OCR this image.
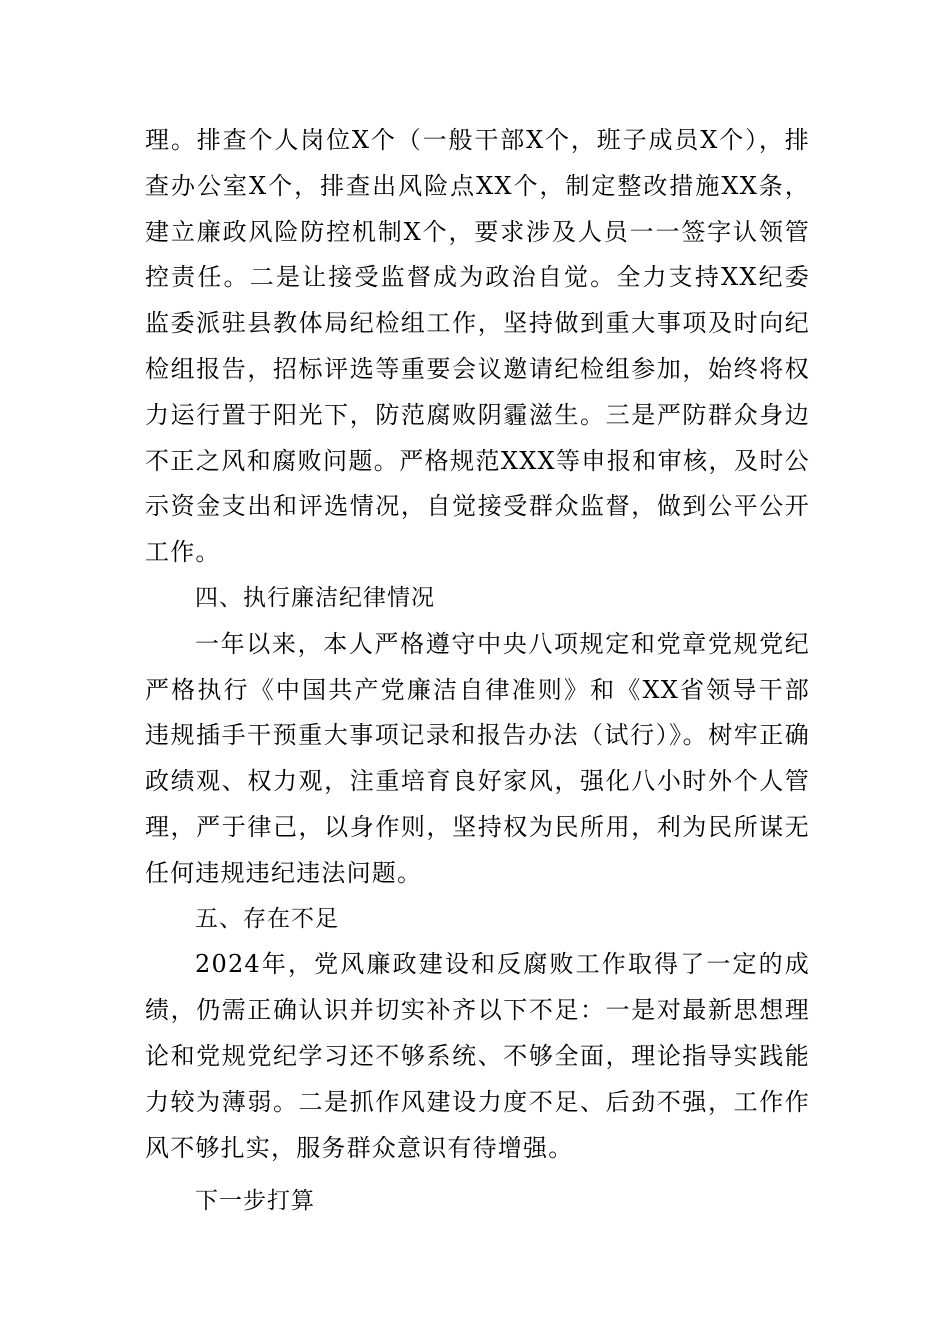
理。排查个人岗位X个（一般干部X个，班子成员X个），排查办公室X个，排查出风险点XX个，制定整改措施XX条，建立廉政风险防控机制X个，要求涉及人员一一签字认领管控责任。二是让接受监督成为政治自觉。全力支持XX纪委监委派驻县教体局纪检组工作，坚持做到重大事项及时向纪检组报告，招标评选等重要会议邀请纪检组参加，始终将权力运行置于阳光下，防范腐败阴霾滋生。三是严防群众身边不正之风和腐败问题。严格规范XXX等申报和审核，及时公示资金支出和评选情况，自觉接受群众监督，做到公平公开工作。

四、执行廉洁纪律情况

一年以来，本人严格遵守中央八项规定和党章党规党纪严格执行《中国共产党廉洁自律准则》和《XX省领导干部违规插手干预重大事项记录和报告办法（试行）》。树牢正确政绩观、权力观，注重培育良好家风，强化八小时外个人管理，严于律己，以身作则，坚持权为民所用，利为民所谋无任何违规违纪违法问题。

五、存在不足

2024年，党风廉政建设和反腐败工作取得了一定的成绩，仍需正确认识并切实补齐以下不足：一是对最新思想理论和党规党纪学习还不够系统、不够全面，理论指导实践能力较为薄弱。二是抓作风建设力度不足、后劲不强，工作作风不够扎实，服务群众意识有待增强。

下一步打算
